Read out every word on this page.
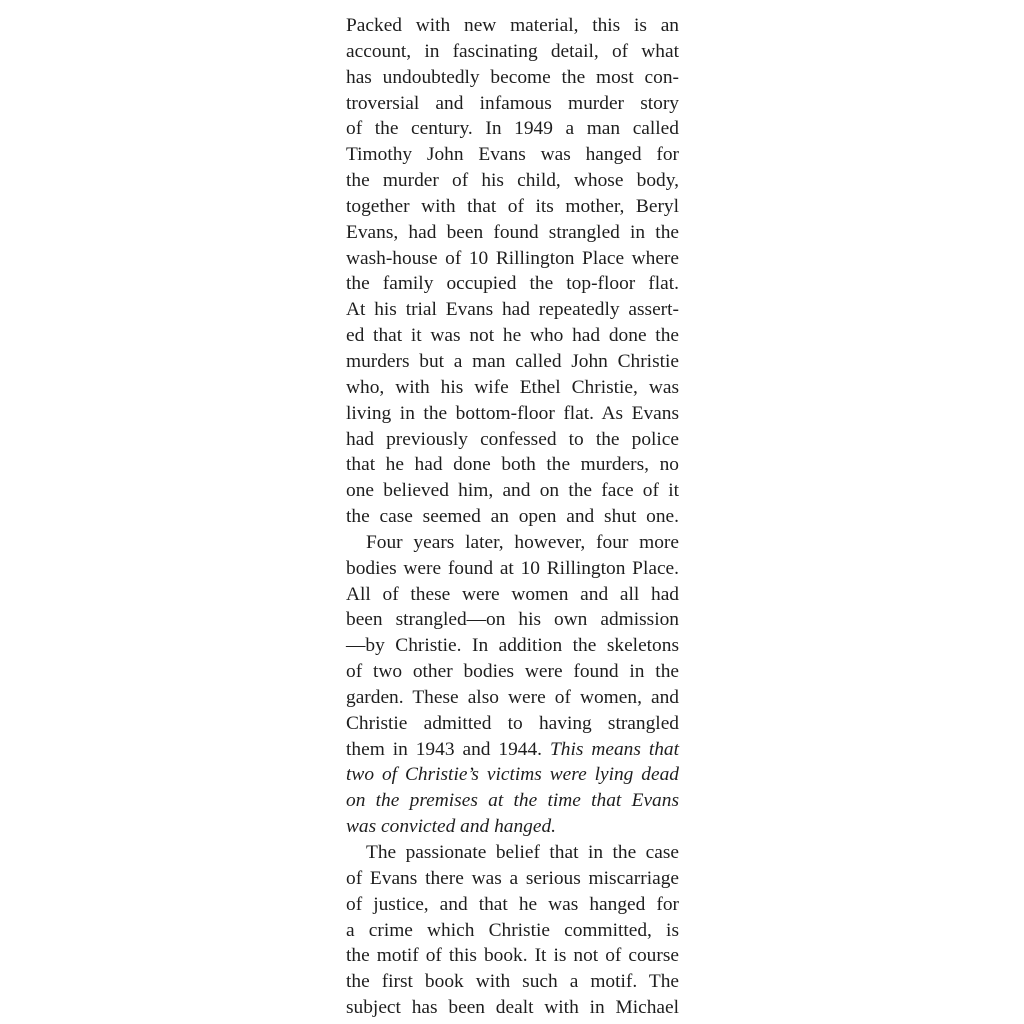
Packed with new material, this is an
account, in fascinating detail, of what
has undoubtedly become the most con-
troversial and infamous murder story
of the century. In 1949 a man called
Timothy John Evans was hanged for
the murder of his child, whose body,
together with that of its mother, Beryl
Evans, had been found strangled in the
wash-house of 10 Rillington Place where
the family occupied the top-floor flat.
At his trial Evans had repeatedly assert-
ed that it was not he who had done the
murders but a man called John Christie
who, with his wife Ethel Christie, was
living in the bottom-floor flat. As Evans
had previously confessed to the police
that he had done both the murders, no
one believed him, and on the face of it
the case seemed an open and shut one.
Four years later, however, four more
bodies were found at 10 Rillington Place.
All of these were women and all had
been strangled—on his own admission
—by Christie. In addition the skeletons
of two other bodies were found in the
garden. These also were of women, and
Christie admitted to having strangled
them in 1943 and 1944. This means that
two of Christie’s victims were lying dead
on the premises at the time that Evans
was convicted and hanged.
The passionate belief that in the case
of Evans there was a serious miscarriage
of justice, and that he was hanged for
a crime which Christie committed, is
the motif of this book. It is not of course
the first book with such a motif. The
subject has been dealt with in Michael
